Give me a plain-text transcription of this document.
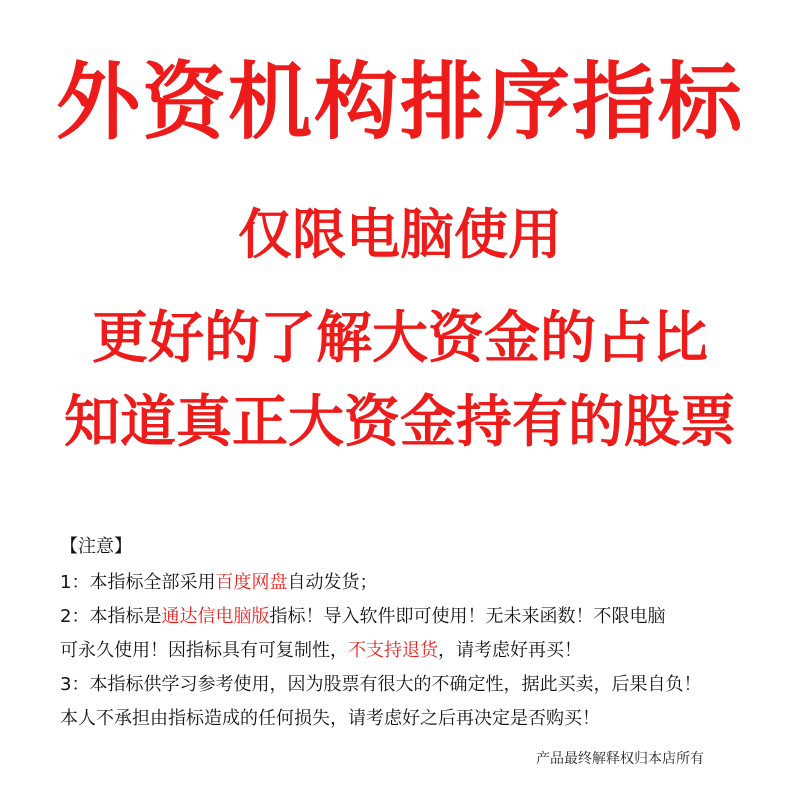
外资机构排序指标
仅限电脑使用
更好的了解大资金的占比
知道真正大资金持有的股票
【注意】
1：本指标全部采用百度网盘自动发货；
2：本指标是通达信电脑版指标！导入软件即可使用！无未来函数！不限电脑
可永久使用！因指标具有可复制性，不支持退货，请考虑好再买！
3：本指标供学习参考使用，因为股票有很大的不确定性，据此买卖，后果自负！
本人不承担由指标造成的任何损失，请考虑好之后再决定是否购买！
产品最终解释权归本店所有
